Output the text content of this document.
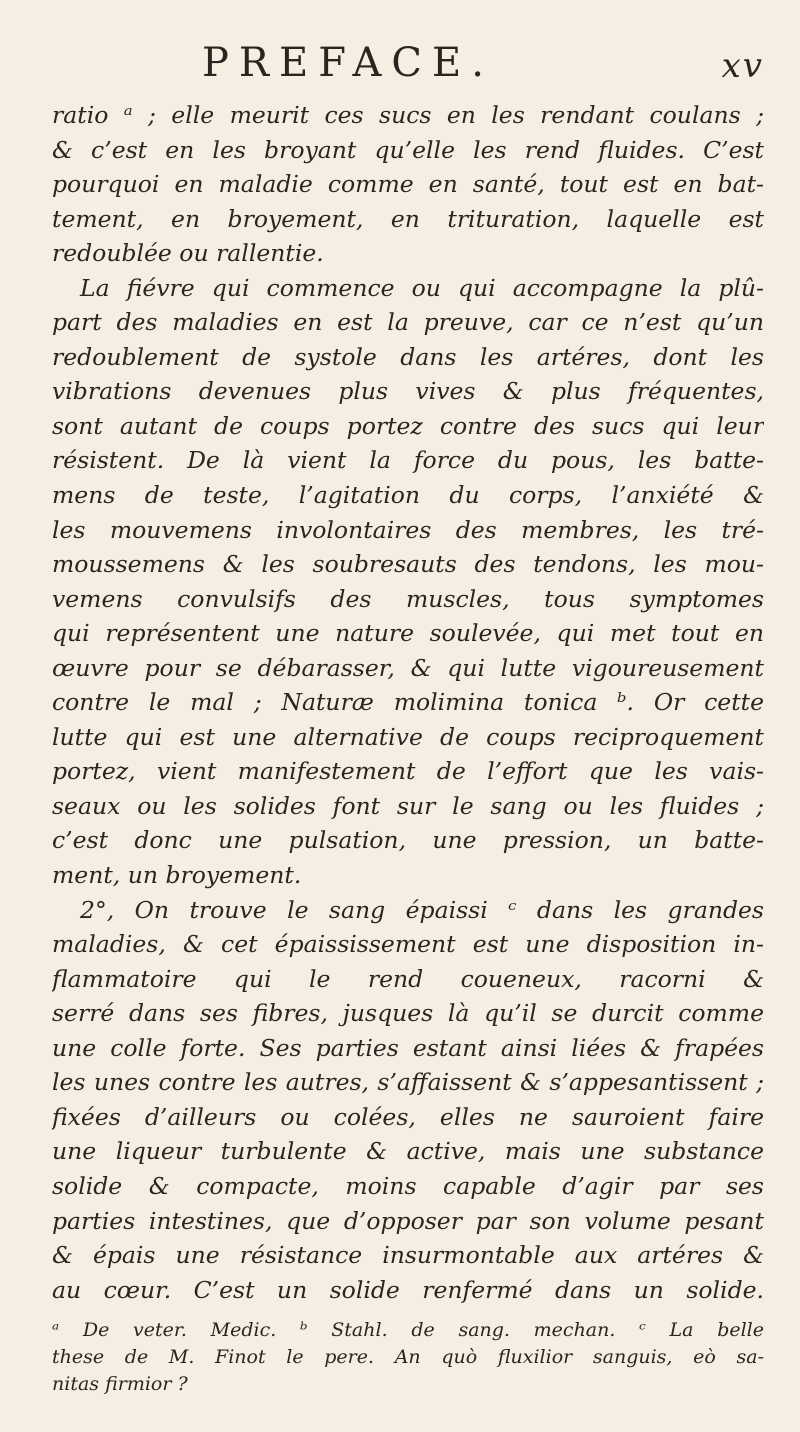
PREFACE.	xv
ratio ᵃ ; elle meurit ces sucs en les rendant coulans ;
& c’est en les broyant qu’elle les rend fluides. C’est
pourquoi en maladie comme en santé, tout est en bat-
tement, en broyement, en trituration, laquelle est
redoublée ou rallentie.
La fiévre qui commence ou qui accompagne la plû-
part des maladies en est la preuve, car ce n’est qu’un
redoublement de systole dans les artéres, dont les
vibrations devenues plus vives & plus fréquentes,
sont autant de coups portez contre des sucs qui leur
résistent. De là vient la force du pous, les batte-
mens de teste, l’agitation du corps, l’anxiété &
les mouvemens involontaires des membres, les tré-
moussemens & les soubresauts des tendons, les mou-
vemens convulsifs des muscles, tous symptomes
qui représentent une nature soulevée, qui met tout en
œuvre pour se débarasser, & qui lutte vigoureusement
contre le mal ; Naturæ molimina tonica ᵇ. Or cette
lutte qui est une alternative de coups reciproquement
portez, vient manifestement de l’effort que les vais-
seaux ou les solides font sur le sang ou les fluides ;
c’est donc une pulsation, une pression, un batte-
ment, un broyement.
2°, On trouve le sang épaissi ᶜ dans les grandes
maladies, & cet épaississement est une disposition in-
flammatoire qui le rend coueneux, racorni &
serré dans ses fibres, jusques là qu’il se durcit comme
une colle forte. Ses parties estant ainsi liées & frapées
les unes contre les autres, s’affaissent & s’appesantissent ;
fixées d’ailleurs ou colées, elles ne sauroient faire
une liqueur turbulente & active, mais une substance
solide & compacte, moins capable d’agir par ses
parties intestines, que d’opposer par son volume pesant
& épais une résistance insurmontable aux artéres &
au cœur. C’est un solide renfermé dans un solide.
ᵃ De veter. Medic. ᵇ Stahl. de sang. mechan. ᶜ La belle
these de M. Finot le pere. An quò fluxilior sanguis, eò sa-
nitas firmior ?
